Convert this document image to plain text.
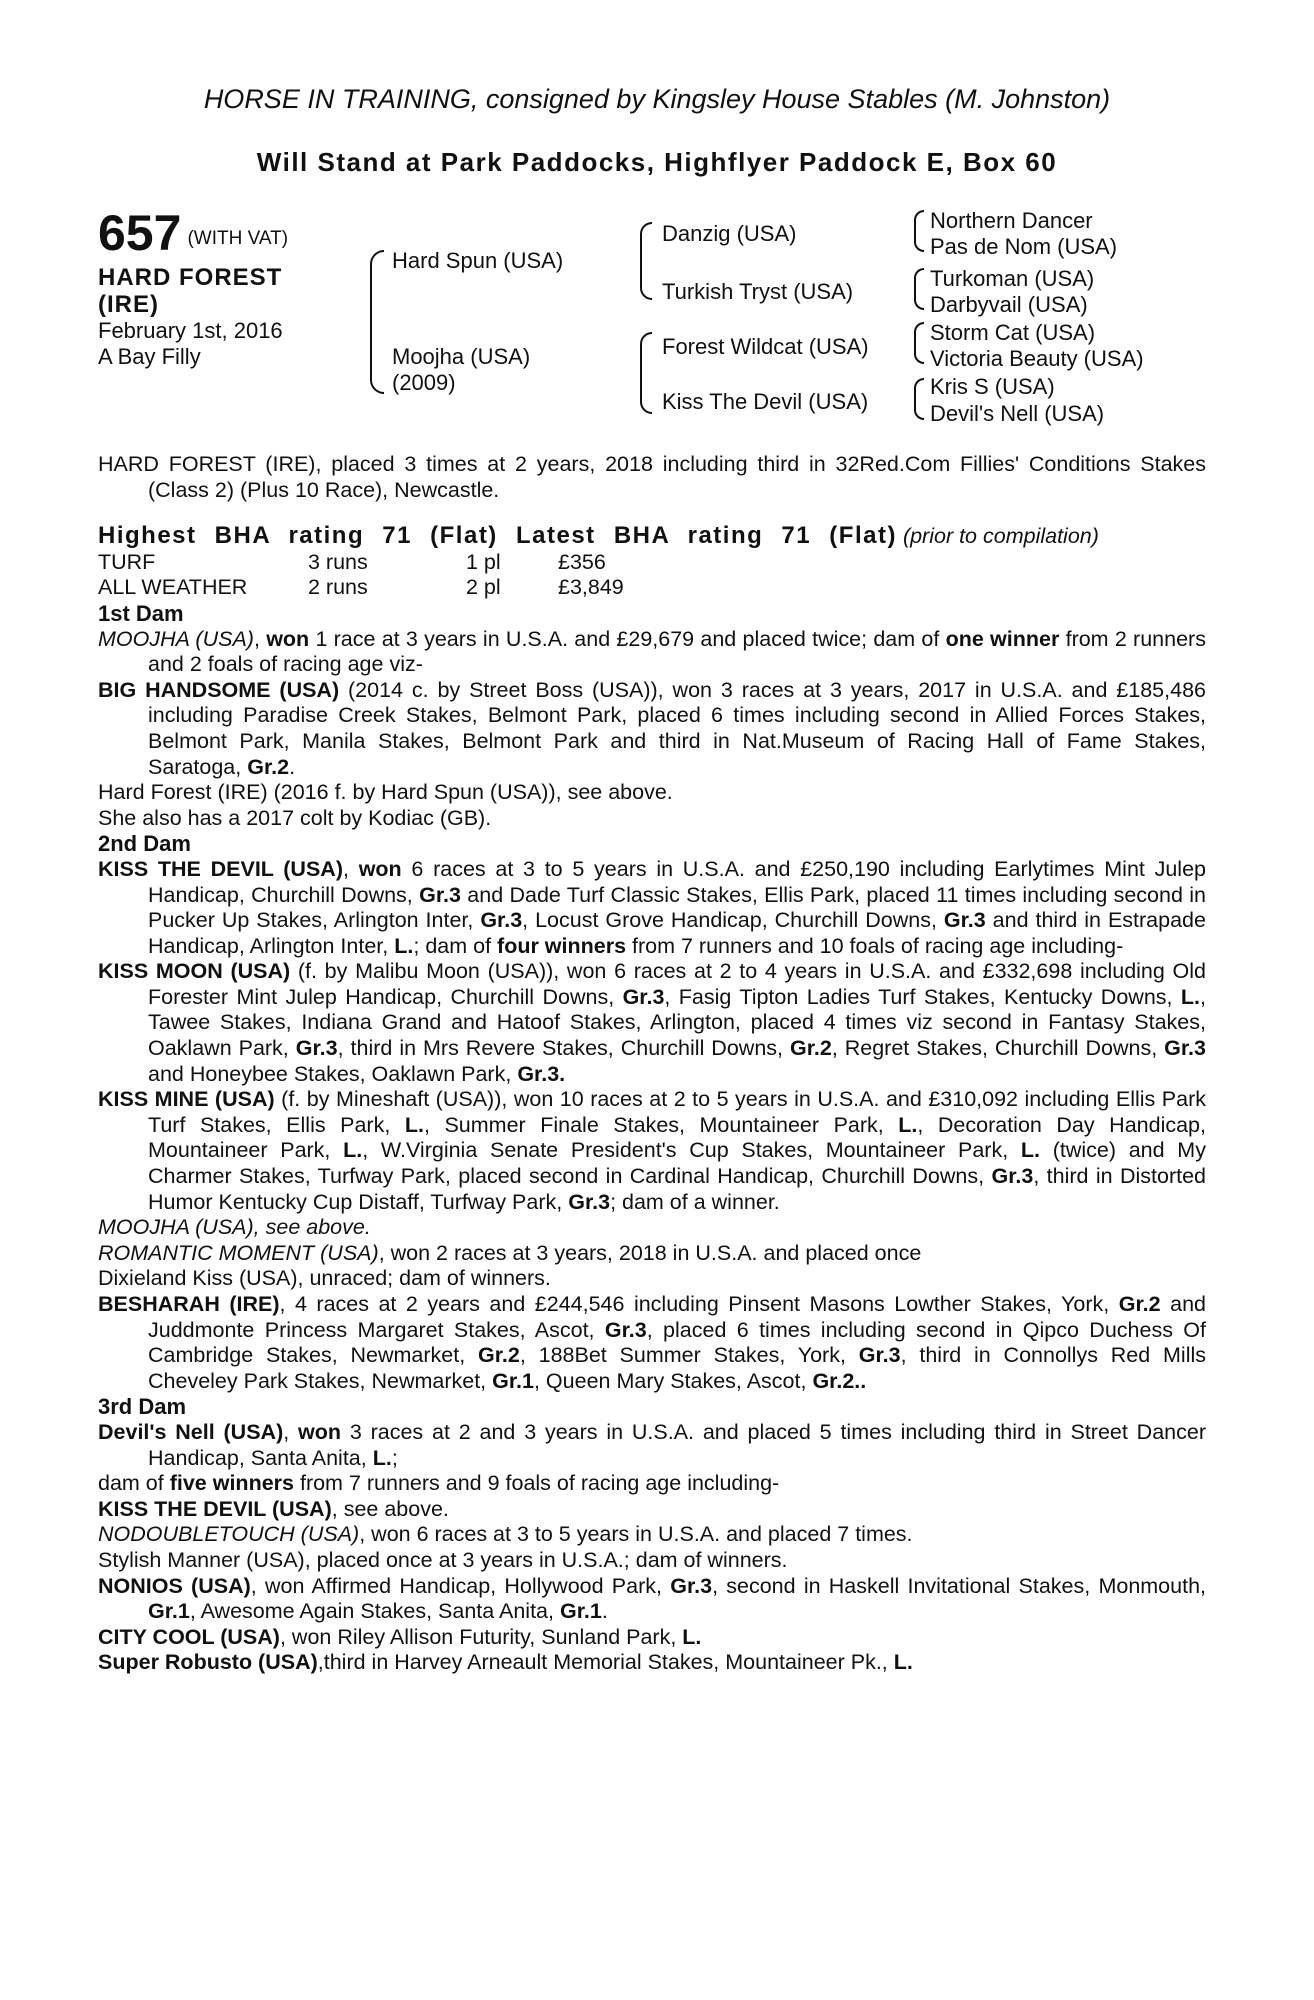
HORSE IN TRAINING, consigned by Kingsley House Stables (M. Johnston)
Will Stand at Park Paddocks, Highflyer Paddock E, Box 60
657 (WITH VAT)
HARD FOREST
(IRE)
February 1st, 2016
A Bay Filly
Hard Spun (USA)
Moojha (USA)
(2009)
Danzig (USA)
Turkish Tryst (USA)
Forest Wildcat (USA)
Kiss The Devil (USA)
Northern Dancer
Pas de Nom (USA)
Turkoman (USA)
Darbyvail (USA)
Storm Cat (USA)
Victoria Beauty (USA)
Kris S (USA)
Devil's Nell (USA)

HARD FOREST (IRE), placed 3 times at 2 years, 2018 including third in 32Red.Com Fillies' Conditions Stakes (Class 2) (Plus 10 Race), Newcastle.

Highest BHA rating 71 (Flat) Latest BHA rating 71 (Flat) (prior to compilation)

TURF	3 runs	1 pl	£356
ALL WEATHER	2 runs	2 pl	£3,849

1st Dam

MOOJHA (USA), won 1 race at 3 years in U.S.A. and £29,679 and placed twice; dam of one winner from 2 runners and 2 foals of racing age viz-

BIG HANDSOME (USA) (2014 c. by Street Boss (USA)), won 3 races at 3 years, 2017 in U.S.A. and £185,486 including Paradise Creek Stakes, Belmont Park, placed 6 times including second in Allied Forces Stakes, Belmont Park, Manila Stakes, Belmont Park and third in Nat.Museum of Racing Hall of Fame Stakes, Saratoga, Gr.2.

Hard Forest (IRE) (2016 f. by Hard Spun (USA)), see above.

She also has a 2017 colt by Kodiac (GB).

2nd Dam

KISS THE DEVIL (USA), won 6 races at 3 to 5 years in U.S.A. and £250,190 including Earlytimes Mint Julep Handicap, Churchill Downs, Gr.3 and Dade Turf Classic Stakes, Ellis Park, placed 11 times including second in Pucker Up Stakes, Arlington Inter, Gr.3, Locust Grove Handicap, Churchill Downs, Gr.3 and third in Estrapade Handicap, Arlington Inter, L.; dam of four winners from 7 runners and 10 foals of racing age including-

KISS MOON (USA) (f. by Malibu Moon (USA)), won 6 races at 2 to 4 years in U.S.A. and £332,698 including Old Forester Mint Julep Handicap, Churchill Downs, Gr.3, Fasig Tipton Ladies Turf Stakes, Kentucky Downs, L., Tawee Stakes, Indiana Grand and Hatoof Stakes, Arlington, placed 4 times viz second in Fantasy Stakes, Oaklawn Park, Gr.3, third in Mrs Revere Stakes, Churchill Downs, Gr.2, Regret Stakes, Churchill Downs, Gr.3 and Honeybee Stakes, Oaklawn Park, Gr.3.

KISS MINE (USA) (f. by Mineshaft (USA)), won 10 races at 2 to 5 years in U.S.A. and £310,092 including Ellis Park Turf Stakes, Ellis Park, L., Summer Finale Stakes, Mountaineer Park, L., Decoration Day Handicap, Mountaineer Park, L., W.Virginia Senate President's Cup Stakes, Mountaineer Park, L. (twice) and My Charmer Stakes, Turfway Park, placed second in Cardinal Handicap, Churchill Downs, Gr.3, third in Distorted Humor Kentucky Cup Distaff, Turfway Park, Gr.3; dam of a winner.

MOOJHA (USA), see above.

ROMANTIC MOMENT (USA), won 2 races at 3 years, 2018 in U.S.A. and placed once

Dixieland Kiss (USA), unraced; dam of winners.

BESHARAH (IRE), 4 races at 2 years and £244,546 including Pinsent Masons Lowther Stakes, York, Gr.2 and Juddmonte Princess Margaret Stakes, Ascot, Gr.3, placed 6 times including second in Qipco Duchess Of Cambridge Stakes, Newmarket, Gr.2, 188Bet Summer Stakes, York, Gr.3, third in Connollys Red Mills Cheveley Park Stakes, Newmarket, Gr.1, Queen Mary Stakes, Ascot, Gr.2..

3rd Dam

Devil's Nell (USA), won 3 races at 2 and 3 years in U.S.A. and placed 5 times including third in Street Dancer Handicap, Santa Anita, L.;

dam of five winners from 7 runners and 9 foals of racing age including-

KISS THE DEVIL (USA), see above.

NODOUBLETOUCH (USA), won 6 races at 3 to 5 years in U.S.A. and placed 7 times.

Stylish Manner (USA), placed once at 3 years in U.S.A.; dam of winners.

NONIOS (USA), won Affirmed Handicap, Hollywood Park, Gr.3, second in Haskell Invitational Stakes, Monmouth, Gr.1, Awesome Again Stakes, Santa Anita, Gr.1.

CITY COOL (USA), won Riley Allison Futurity, Sunland Park, L.

Super Robusto (USA),third in Harvey Arneault Memorial Stakes, Mountaineer Pk., L.
